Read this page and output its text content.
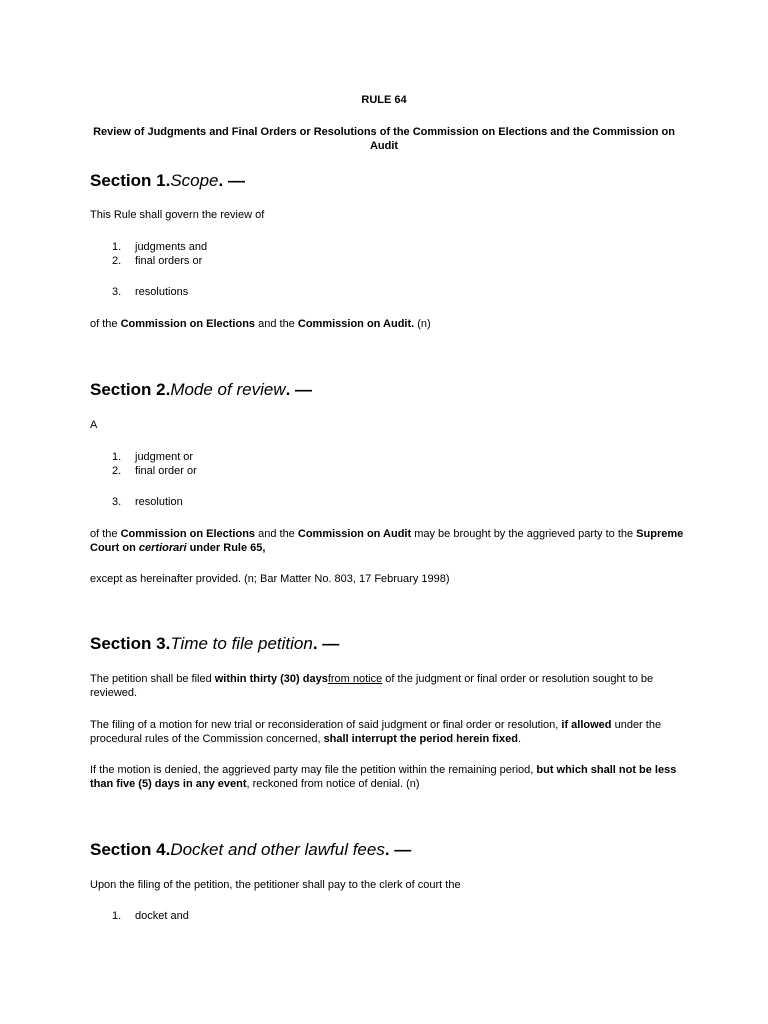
RULE 64
Review of Judgments and Final Orders or Resolutions of the Commission on Elections and the Commission on Audit
Section 1.Scope. —
This Rule shall govern the review of
1.	judgments and
2.	final orders or
3.	resolutions
of the Commission on Elections and the Commission on Audit. (n)
Section 2.Mode of review. —
A
1.	judgment or
2.	final order or
3.	resolution
of the Commission on Elections and the Commission on Audit may be brought by the aggrieved party to the Supreme Court on certiorari under Rule 65,
except as hereinafter provided. (n; Bar Matter No. 803, 17 February 1998)
Section 3.Time to file petition. —
The petition shall be filed within thirty (30) daysfrom notice of the judgment or final order or resolution sought to be reviewed.
The filing of a motion for new trial or reconsideration of said judgment or final order or resolution, if allowed under the procedural rules of the Commission concerned, shall interrupt the period herein fixed.
If the motion is denied, the aggrieved party may file the petition within the remaining period, but which shall not be less than five (5) days in any event, reckoned from notice of denial. (n)
Section 4.Docket and other lawful fees. —
Upon the filing of the petition, the petitioner shall pay to the clerk of court the
1.	docket and
